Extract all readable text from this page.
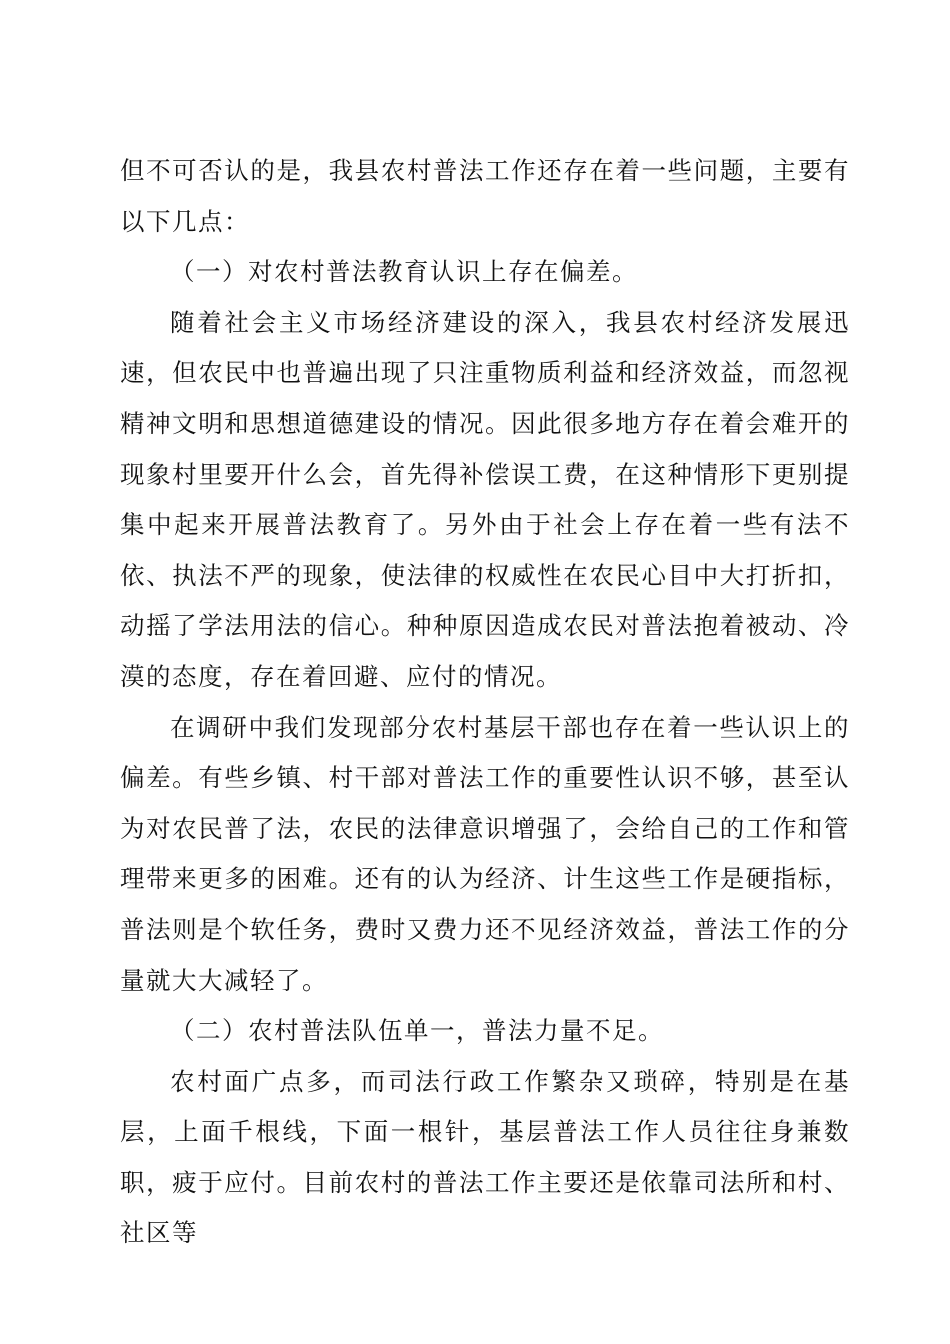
但不可否认的是，我县农村普法工作还存在着一些问题，主要有以下几点：

（一）对农村普法教育认识上存在偏差。

随着社会主义市场经济建设的深入，我县农村经济发展迅速，但农民中也普遍出现了只注重物质利益和经济效益，而忽视精神文明和思想道德建设的情况。因此很多地方存在着会难开的现象村里要开什么会，首先得补偿误工费，在这种情形下更别提集中起来开展普法教育了。另外由于社会上存在着一些有法不依、执法不严的现象，使法律的权威性在农民心目中大打折扣，动摇了学法用法的信心。种种原因造成农民对普法抱着被动、冷漠的态度，存在着回避、应付的情况。

在调研中我们发现部分农村基层干部也存在着一些认识上的偏差。有些乡镇、村干部对普法工作的重要性认识不够，甚至认为对农民普了法，农民的法律意识增强了，会给自己的工作和管理带来更多的困难。还有的认为经济、计生这些工作是硬指标，普法则是个软任务，费时又费力还不见经济效益，普法工作的分量就大大减轻了。

（二）农村普法队伍单一，普法力量不足。

农村面广点多，而司法行政工作繁杂又琐碎，特别是在基层，上面千根线，下面一根针，基层普法工作人员往往身兼数职，疲于应付。目前农村的普法工作主要还是依靠司法所和村、社区等
